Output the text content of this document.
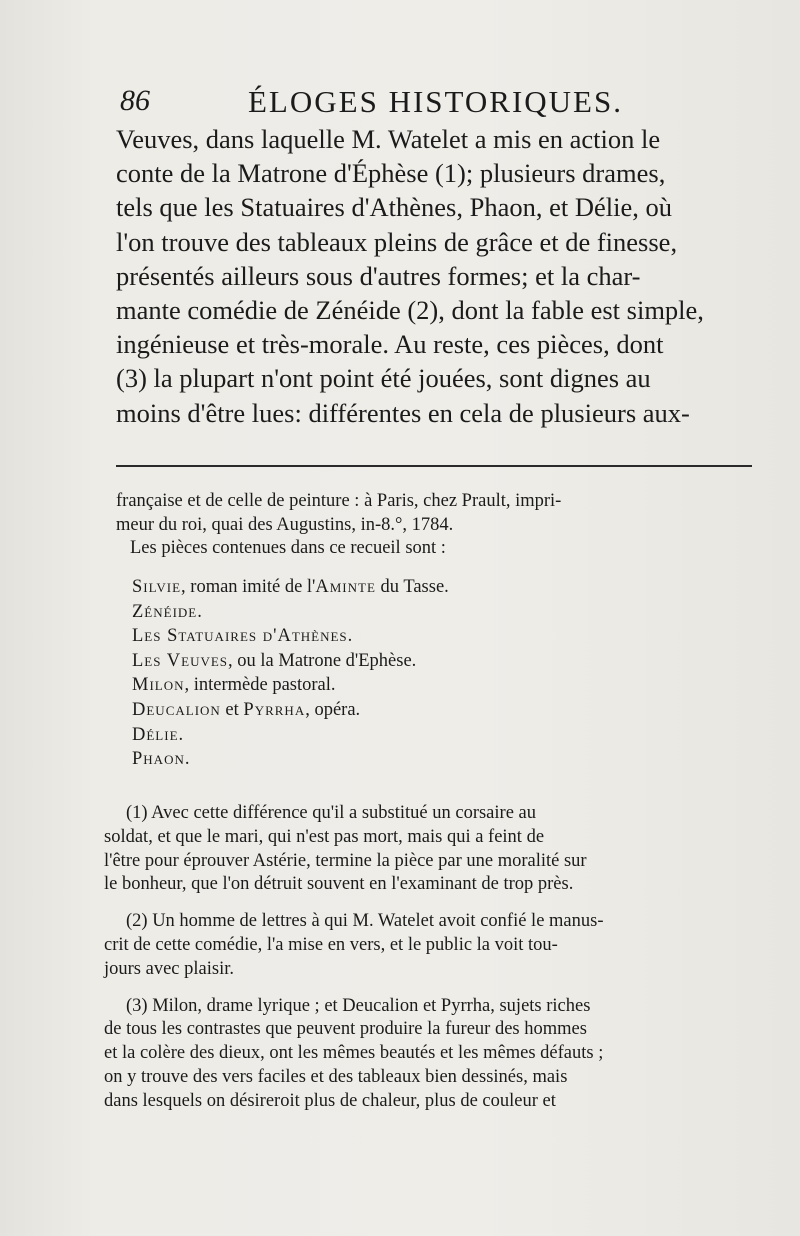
86	ÉLOGES HISTORIQUES.
Veuves, dans laquelle M. Watelet a mis en action le
conte de la Matrone d'Éphèse (1); plusieurs drames,
tels que les Statuaires d'Athènes, Phaon, et Délie, où
l'on trouve des tableaux pleins de grâce et de finesse,
présentés ailleurs sous d'autres formes; et la char-
mante comédie de Zénéide (2), dont la fable est simple,
ingénieuse et très-morale. Au reste, ces pièces, dont
(3) la plupart n'ont point été jouées, sont dignes au
moins d'être lues: différentes en cela de plusieurs aux-
française et de celle de peinture : à Paris, chez Prault, impri-
meur du roi, quai des Augustins, in-8.°, 1784.
Les pièces contenues dans ce recueil sont :
Silvie, roman imité de l'Aminte du Tasse.
Zénéide.
Les Statuaires d'Athènes.
Les Veuves, ou la Matrone d'Ephèse.
Milon, intermède pastoral.
Deucalion et Pyrrha, opéra.
Délie.
Phaon.
(1) Avec cette différence qu'il a substitué un corsaire au
soldat, et que le mari, qui n'est pas mort, mais qui a feint de
l'être pour éprouver Astérie, termine la pièce par une moralité sur
le bonheur, que l'on détruit souvent en l'examinant de trop près.
(2) Un homme de lettres à qui M. Watelet avoit confié le manus-
crit de cette comédie, l'a mise en vers, et le public la voit tou-
jours avec plaisir.
(3) Milon, drame lyrique ; et Deucalion et Pyrrha, sujets riches
de tous les contrastes que peuvent produire la fureur des hommes
et la colère des dieux, ont les mêmes beautés et les mêmes défauts ;
on y trouve des vers faciles et des tableaux bien dessinés, mais
dans lesquels on désireroit plus de chaleur, plus de couleur et
